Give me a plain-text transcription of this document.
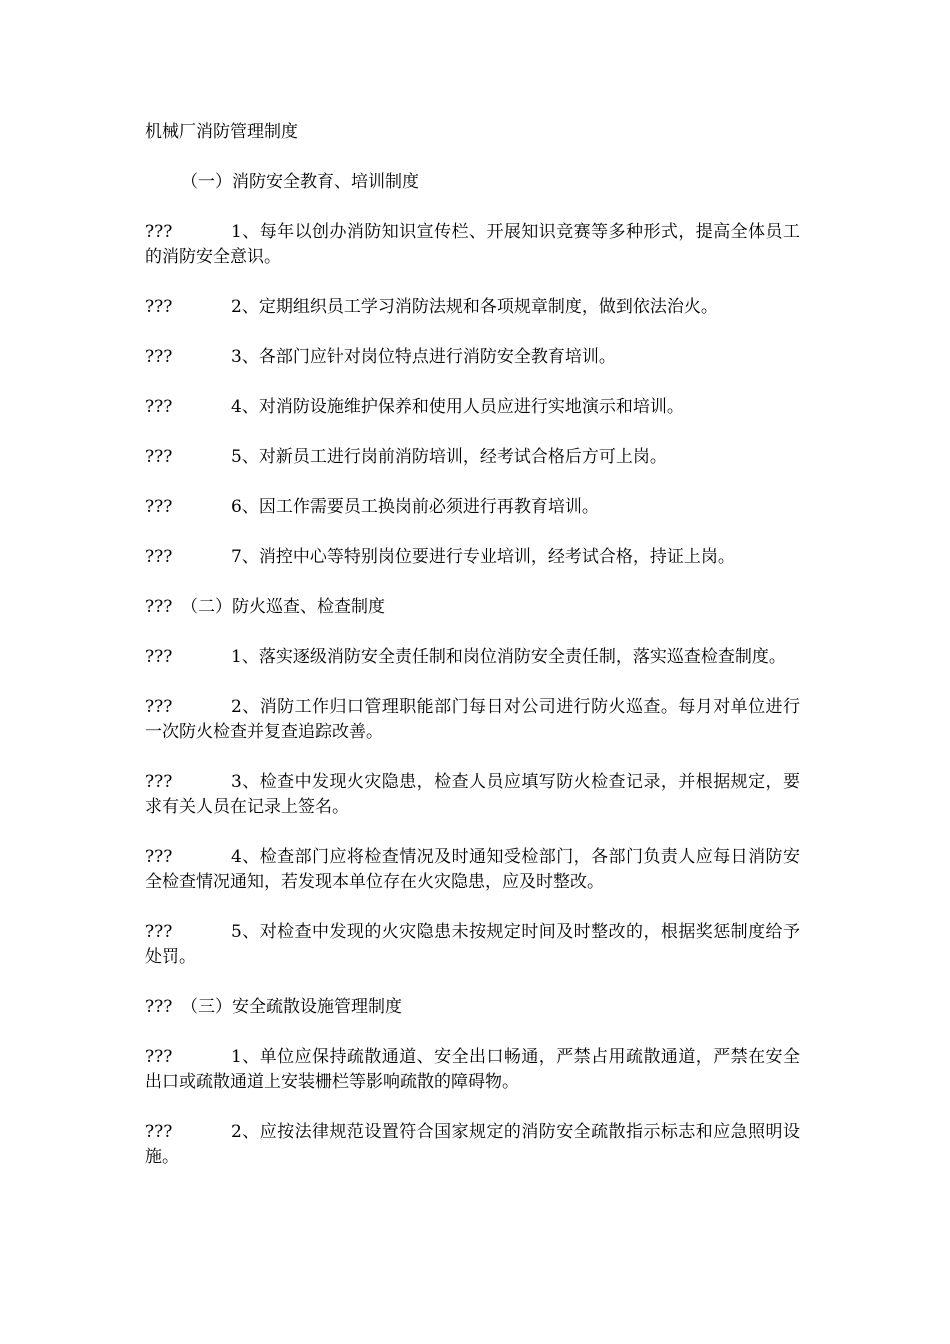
机械厂消防管理制度

（一）消防安全教育、培训制度

???	1、每年以创办消防知识宣传栏、开展知识竞赛等多种形式，提高全体员工的消防安全意识。

???	2、定期组织员工学习消防法规和各项规章制度，做到依法治火。

???	3、各部门应针对岗位特点进行消防安全教育培训。

???	4、对消防设施维护保养和使用人员应进行实地演示和培训。

???	5、对新员工进行岗前消防培训，经考试合格后方可上岗。

???	6、因工作需要员工换岗前必须进行再教育培训。

???	7、消控中心等特别岗位要进行专业培训，经考试合格，持证上岗。

??? （二）防火巡查、检查制度

???	1、落实逐级消防安全责任制和岗位消防安全责任制，落实巡查检查制度。

???	2、消防工作归口管理职能部门每日对公司进行防火巡查。每月对单位进行一次防火检查并复查追踪改善。

???	3、检查中发现火灾隐患，检查人员应填写防火检查记录，并根据规定，要求有关人员在记录上签名。

???	4、检查部门应将检查情况及时通知受检部门，各部门负责人应每日消防安全检查情况通知，若发现本单位存在火灾隐患，应及时整改。

???	5、对检查中发现的火灾隐患未按规定时间及时整改的，根据奖惩制度给予处罚。

??? （三）安全疏散设施管理制度

???	1、单位应保持疏散通道、安全出口畅通，严禁占用疏散通道，严禁在安全出口或疏散通道上安装栅栏等影响疏散的障碍物。

???	2、应按法律规范设置符合国家规定的消防安全疏散指示标志和应急照明设施。
